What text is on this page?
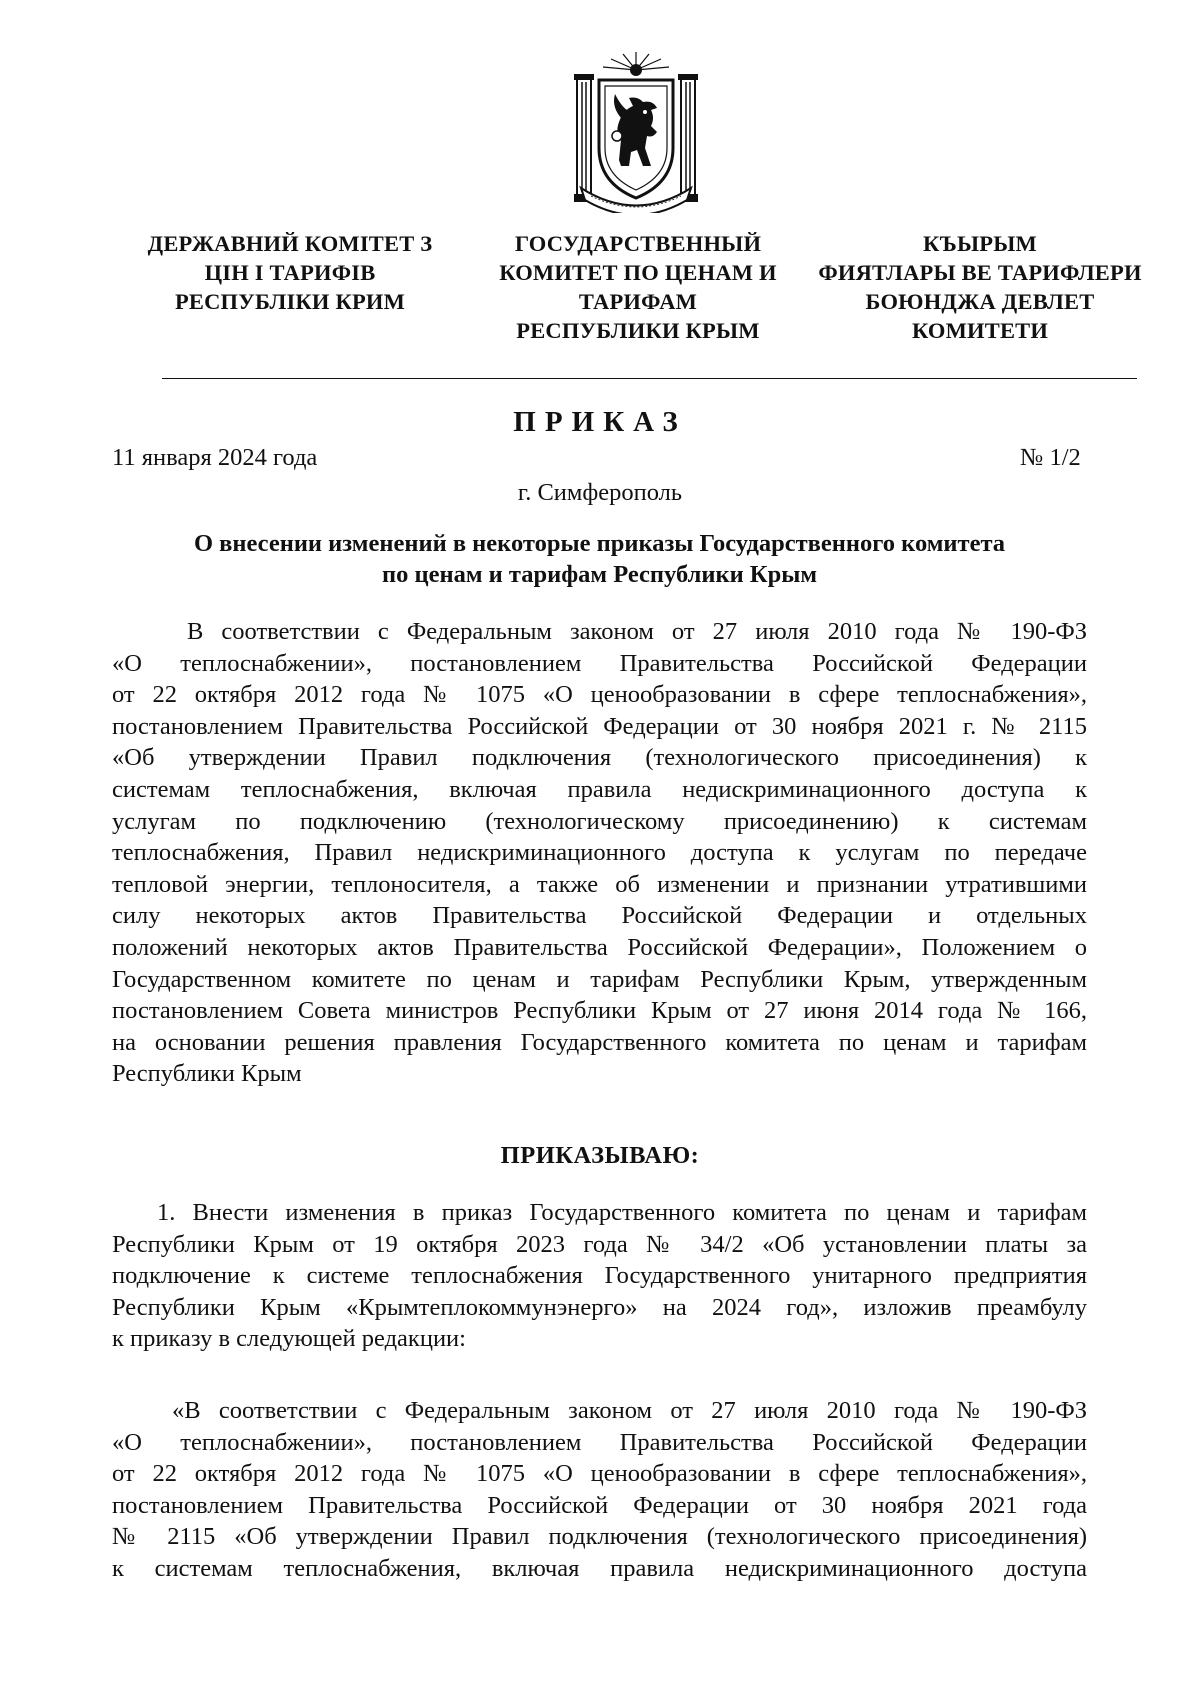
ДЕРЖАВНИЙ КОМІТЕТ З
ЦІН І ТАРИФІВ
РЕСПУБЛІКИ КРИМ
ГОСУДАРСТВЕННЫЙ
КОМИТЕТ ПО ЦЕНАМ И
ТАРИФАМ
РЕСПУБЛИКИ КРЫМ
КЪЫРЫМ
ФИЯТЛАРЫ ВЕ ТАРИФЛЕРИ
БОЮНДЖА ДЕВЛЕТ
КОМИТЕТИ
ПРИКАЗ
11 января 2024 года	№ 1/2
г. Симферополь
О внесении изменений в некоторые приказы Государственного комитета
по ценам и тарифам Республики Крым
В соответствии с Федеральным законом от 27 июля 2010 года № 190-ФЗ
«О теплоснабжении», постановлением Правительства Российской Федерации
от 22 октября 2012 года № 1075 «О ценообразовании в сфере теплоснабжения»,
постановлением Правительства Российской Федерации от 30 ноября 2021 г. № 2115
«Об утверждении Правил подключения (технологического присоединения) к
системам теплоснабжения, включая правила недискриминационного доступа к
услугам по подключению (технологическому присоединению) к системам
теплоснабжения, Правил недискриминационного доступа к услугам по передаче
тепловой энергии, теплоносителя, а также об изменении и признании утратившими
силу некоторых актов Правительства Российской Федерации и отдельных
положений некоторых актов Правительства Российской Федерации», Положением о
Государственном комитете по ценам и тарифам Республики Крым, утвержденным
постановлением Совета министров Республики Крым от 27 июня 2014 года № 166,
на основании решения правления Государственного комитета по ценам и тарифам
Республики Крым
ПРИКАЗЫВАЮ:
1. Внести изменения в приказ Государственного комитета по ценам и тарифам
Республики Крым от 19 октября 2023 года № 34/2 «Об установлении платы за
подключение к системе теплоснабжения Государственного унитарного предприятия
Республики Крым «Крымтеплокоммунэнерго» на 2024 год», изложив преамбулу
к приказу в следующей редакции:
«В соответствии с Федеральным законом от 27 июля 2010 года № 190-ФЗ
«О теплоснабжении», постановлением Правительства Российской Федерации
от 22 октября 2012 года № 1075 «О ценообразовании в сфере теплоснабжения»,
постановлением Правительства Российской Федерации от 30 ноября 2021 года
№ 2115 «Об утверждении Правил подключения (технологического присоединения)
к системам теплоснабжения, включая правила недискриминационного доступа
